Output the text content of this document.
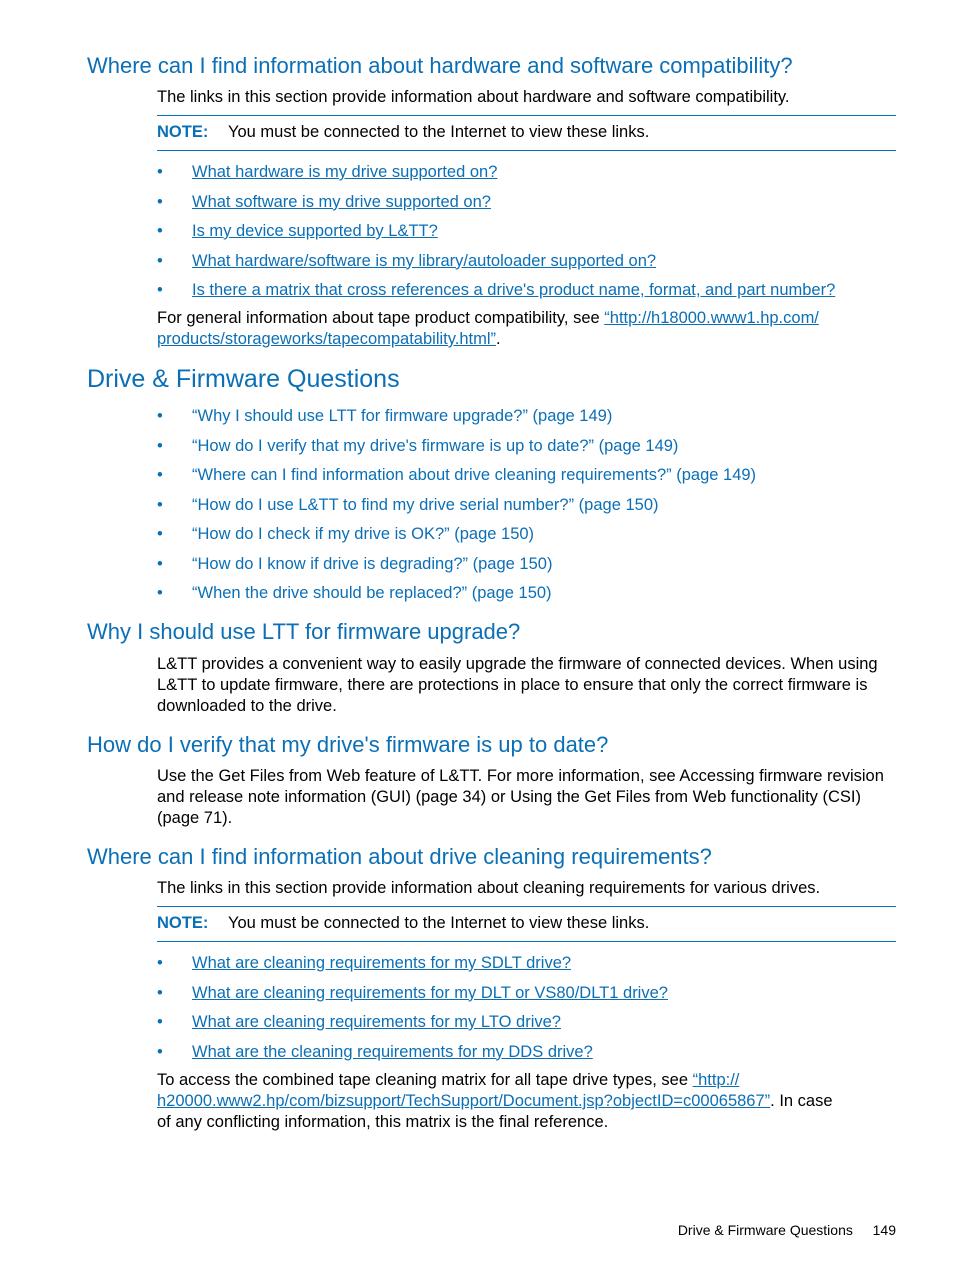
Where can I find information about hardware and software compatibility?

The links in this section provide information about hardware and software compatibility.

NOTE: You must be connected to the Internet to view these links.
• What hardware is my drive supported on?
• What software is my drive supported on?
• Is my device supported by L&TT?
• What hardware/software is my library/autoloader supported on?
• Is there a matrix that cross references a drive's product name, format, and part number?

For general information about tape product compatibility, see “http://h18000.www1.hp.com/
products/storageworks/tapecompatability.html”.

Drive & Firmware Questions
• “Why I should use LTT for firmware upgrade?” (page 149)
• “How do I verify that my drive's firmware is up to date?” (page 149)
• “Where can I find information about drive cleaning requirements?” (page 149)
• “How do I use L&TT to find my drive serial number?” (page 150)
• “How do I check if my drive is OK?” (page 150)
• “How do I know if drive is degrading?” (page 150)
• “When the drive should be replaced?” (page 150)
Why I should use LTT for firmware upgrade?

L&TT provides a convenient way to easily upgrade the firmware of connected devices. When using
L&TT to update firmware, there are protections in place to ensure that only the correct firmware is
downloaded to the drive.

How do I verify that my drive's firmware is up to date?

Use the Get Files from Web feature of L&TT. For more information, see Accessing firmware revision
and release note information (GUI) (page 34) or Using the Get Files from Web functionality (CSI)
(page 71).

Where can I find information about drive cleaning requirements?

The links in this section provide information about cleaning requirements for various drives.

NOTE: You must be connected to the Internet to view these links.
• What are cleaning requirements for my SDLT drive?
• What are cleaning requirements for my DLT or VS80/DLT1 drive?
• What are cleaning requirements for my LTO drive?
• What are the cleaning requirements for my DDS drive?

To access the combined tape cleaning matrix for all tape drive types, see “http://
h20000.www2.hp/com/bizsupport/TechSupport/Document.jsp?objectID=c00065867”. In case
of any conflicting information, this matrix is the final reference.

Drive & Firmware Questions 149
